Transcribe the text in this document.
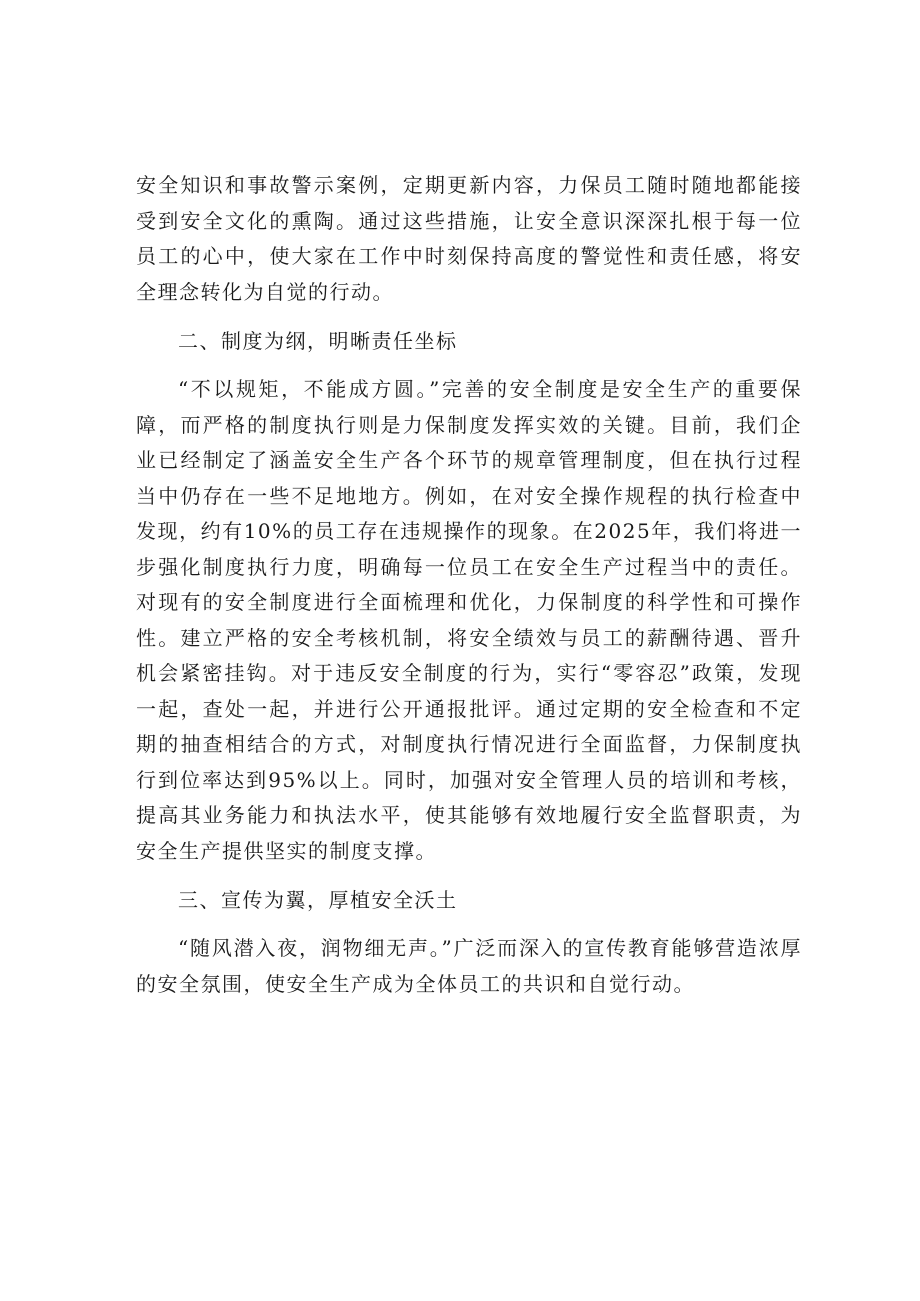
安全知识和事故警示案例，定期更新内容，力保员工随时随地都能接受到安全文化的熏陶。通过这些措施，让安全意识深深扎根于每一位员工的心中，使大家在工作中时刻保持高度的警觉性和责任感，将安全理念转化为自觉的行动。

二、制度为纲，明晰责任坐标

“不以规矩，不能成方圆。”完善的安全制度是安全生产的重要保障，而严格的制度执行则是力保制度发挥实效的关键。目前，我们企业已经制定了涵盖安全生产各个环节的规章管理制度，但在执行过程当中仍存在一些不足地地方。例如，在对安全操作规程的执行检查中发现，约有10%的员工存在违规操作的现象。在2025年，我们将进一步强化制度执行力度，明确每一位员工在安全生产过程当中的责任。对现有的安全制度进行全面梳理和优化，力保制度的科学性和可操作性。建立严格的安全考核机制，将安全绩效与员工的薪酬待遇、晋升机会紧密挂钩。对于违反安全制度的行为，实行“零容忍”政策，发现一起，查处一起，并进行公开通报批评。通过定期的安全检查和不定期的抽查相结合的方式，对制度执行情况进行全面监督，力保制度执行到位率达到95%以上。同时，加强对安全管理人员的培训和考核，提高其业务能力和执法水平，使其能够有效地履行安全监督职责，为安全生产提供坚实的制度支撑。

三、宣传为翼，厚植安全沃土

“随风潜入夜，润物细无声。”广泛而深入的宣传教育能够营造浓厚的安全氛围，使安全生产成为全体员工的共识和自觉行动。
